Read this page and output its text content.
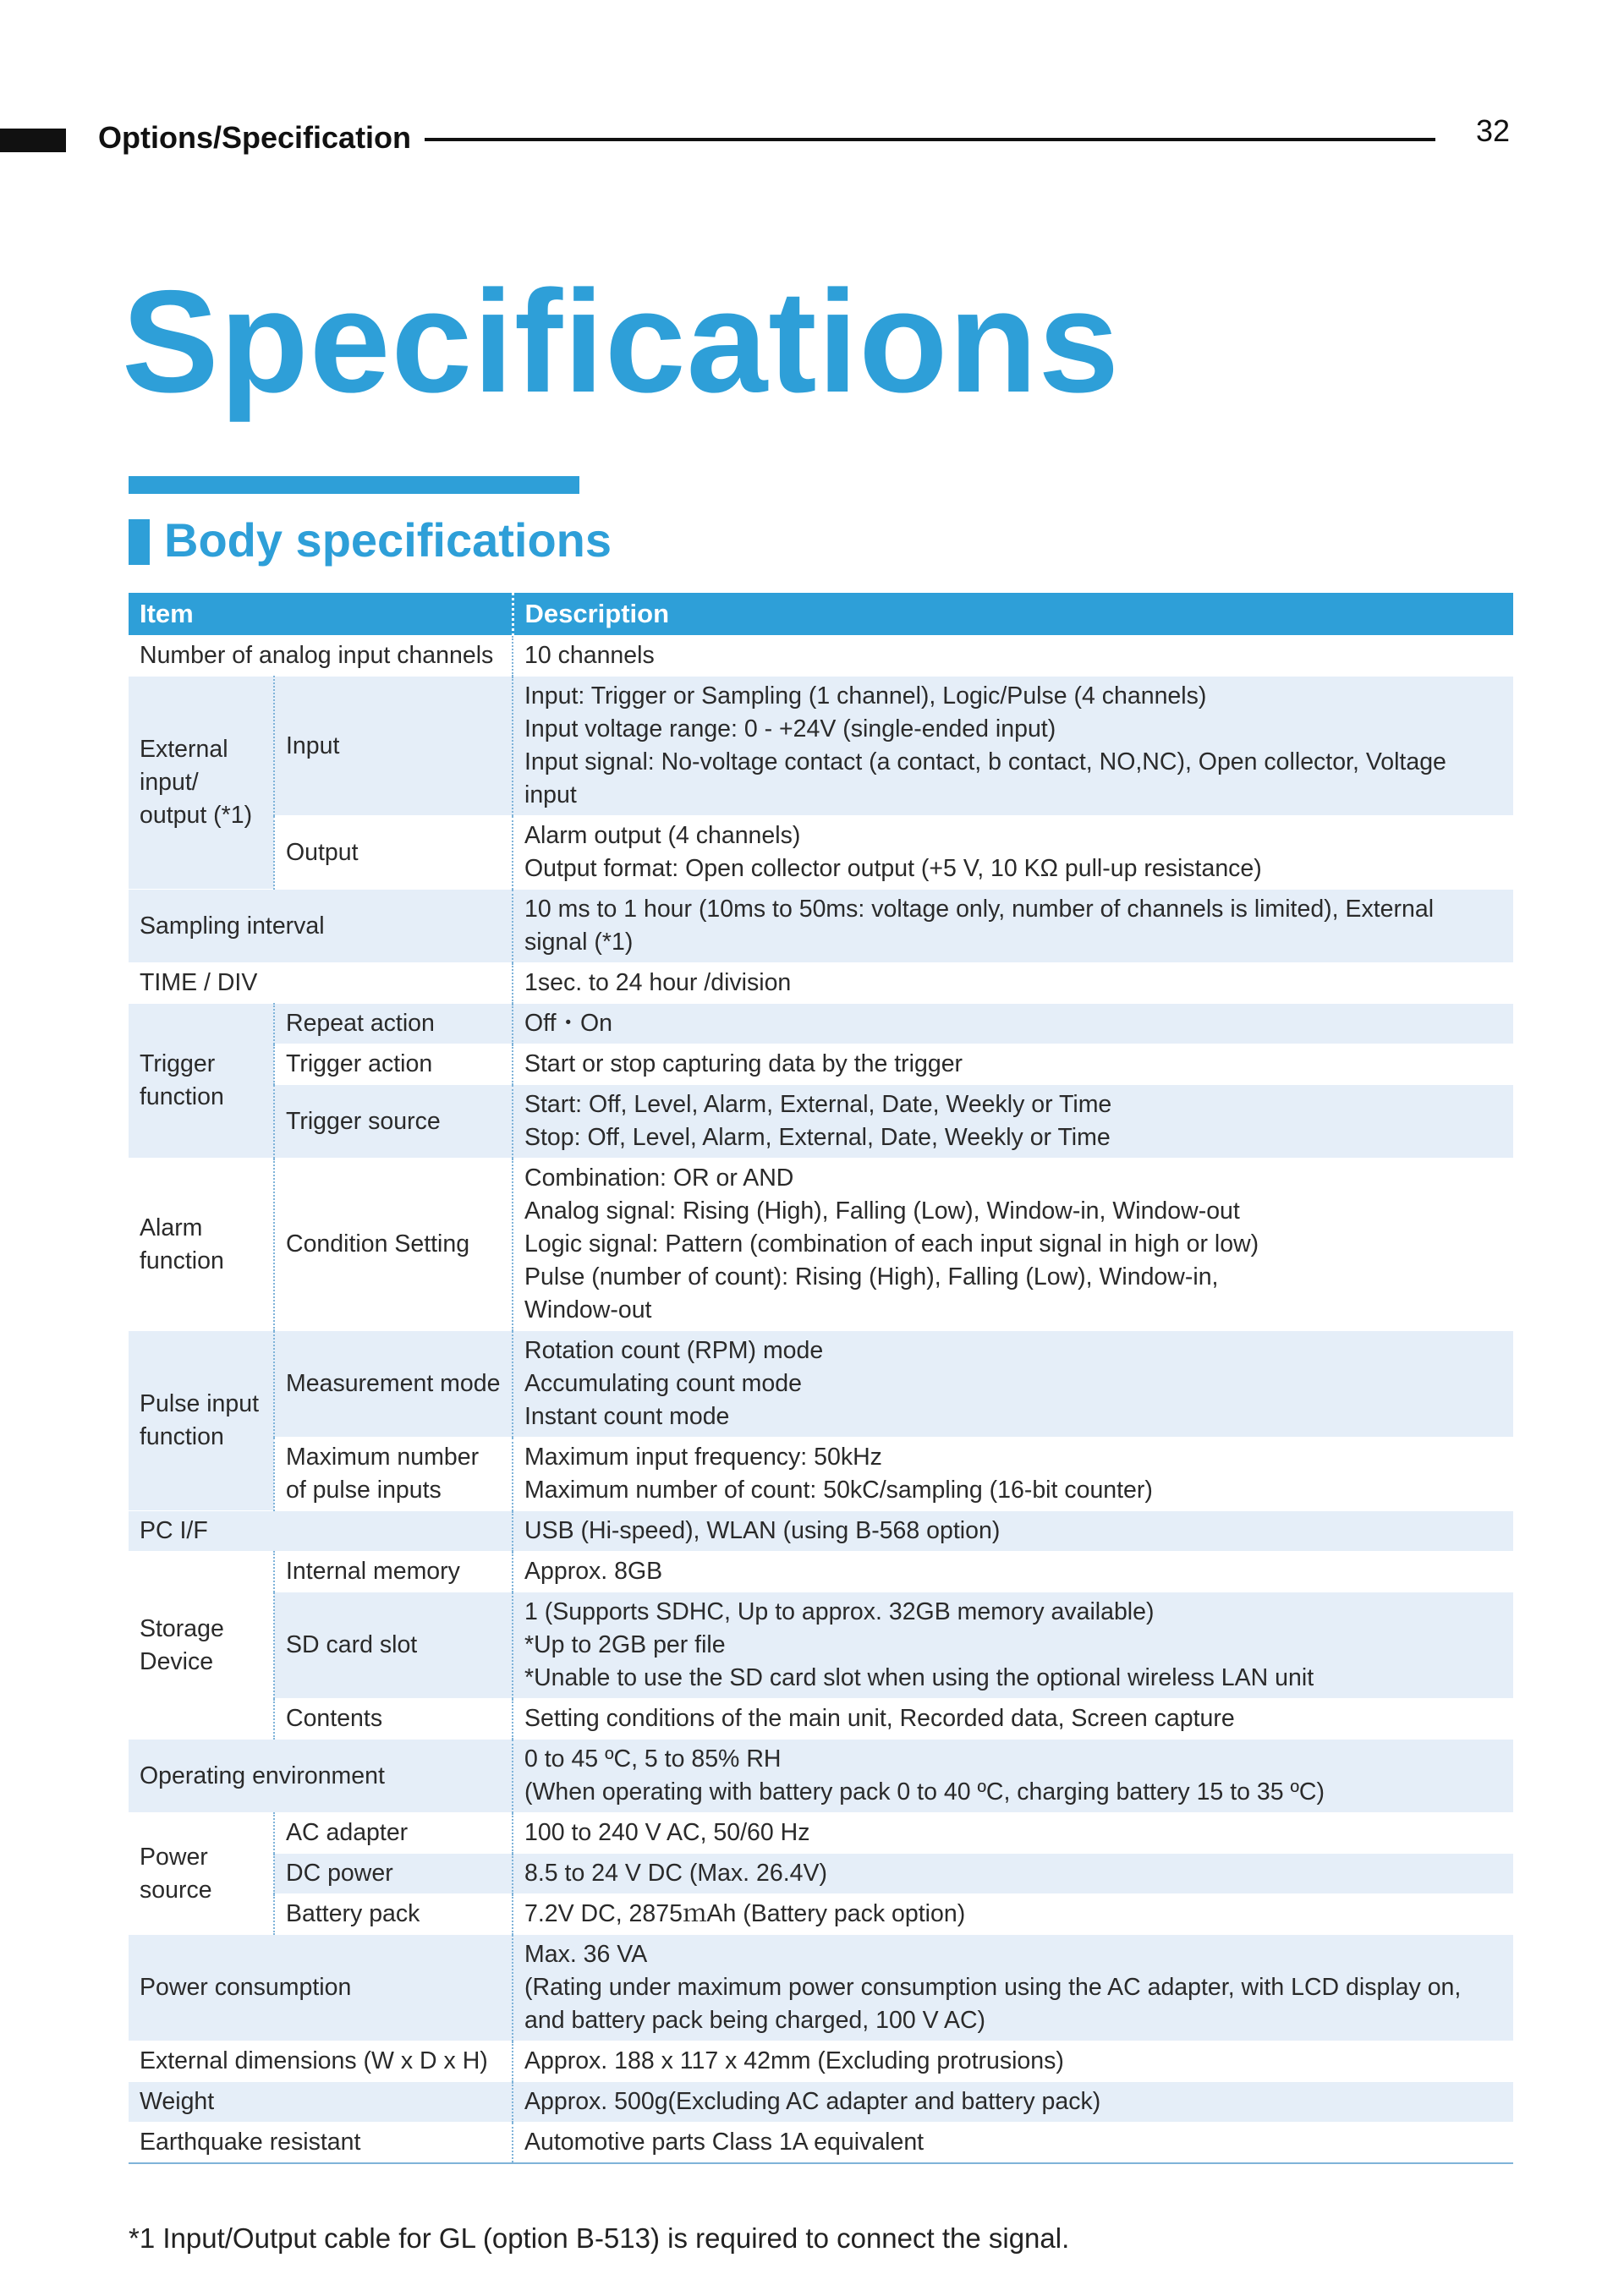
Options/Specification	32
Specifications
Body specifications
Item		Description
Number of analog input channels		10 channels
External input/ output (*1)	Input	Input: Trigger or Sampling (1 channel), Logic/Pulse (4 channels)
Input voltage range: 0 - +24V (single-ended input)
Input signal: No-voltage contact (a contact, b contact, NO,NC), Open collector, Voltage input

	Output	Alarm output (4 channels)
Output format: Open collector output (+5 V, 10 KΩ pull-up resistance)

Sampling interval		10 ms to 1 hour (10ms to 50ms: voltage only, number of channels is limited), External signal (*1)
TIME / DIV		1sec. to 24 hour /division
Trigger function	Repeat action	Off・On
	Trigger action	Start or stop capturing data by the trigger
	Trigger source	Start: Off, Level, Alarm, External, Date, Weekly or Time
Stop: Off, Level, Alarm, External, Date, Weekly or Time

Alarm function	Condition Setting	Combination: OR or AND
Analog signal: Rising (High), Falling (Low), Window-in, Window-out
Logic signal: Pattern (combination of each input signal in high or low)
Pulse (number of count): Rising (High), Falling (Low), Window-in,
Window-out

Pulse input function	Measurement mode	Rotation count (RPM) mode
Accumulating count mode
Instant count mode

	Maximum number of pulse inputs	Maximum input frequency: 50kHz
Maximum number of count: 50kC/sampling (16-bit counter)

PC I/F		USB (Hi-speed), WLAN (using B-568 option)
Storage Device	Internal memory	Approx. 8GB
	SD card slot	1 (Supports SDHC, Up to approx. 32GB memory available)
*Up to 2GB per file
*Unable to use the SD card slot when using the optional wireless LAN unit

	Contents	Setting conditions of the main unit, Recorded data, Screen capture
Operating environment		0 to 45 ºC, 5 to 85% RH
(When operating with battery pack 0 to 40 ºC, charging battery 15 to 35 ºC)

Power source	AC adapter	100 to 240 V AC, 50/60 Hz
	DC power	8.5 to 24 V DC (Max. 26.4V)
	Battery pack	7.2V DC, 2875ｍAh (Battery pack option)
Power consumption		Max. 36 VA
(Rating under maximum power consumption using the AC adapter, with LCD display on, and battery pack being charged, 100 V AC)

External dimensions (W x D x H)		Approx. 188 x 117 x 42mm (Excluding protrusions)
Weight		Approx. 500g(Excluding AC adapter and battery pack)
Earthquake resistant		Automotive parts Class 1A equivalent
*1 Input/Output cable for GL (option B-513) is required to connect the signal.
